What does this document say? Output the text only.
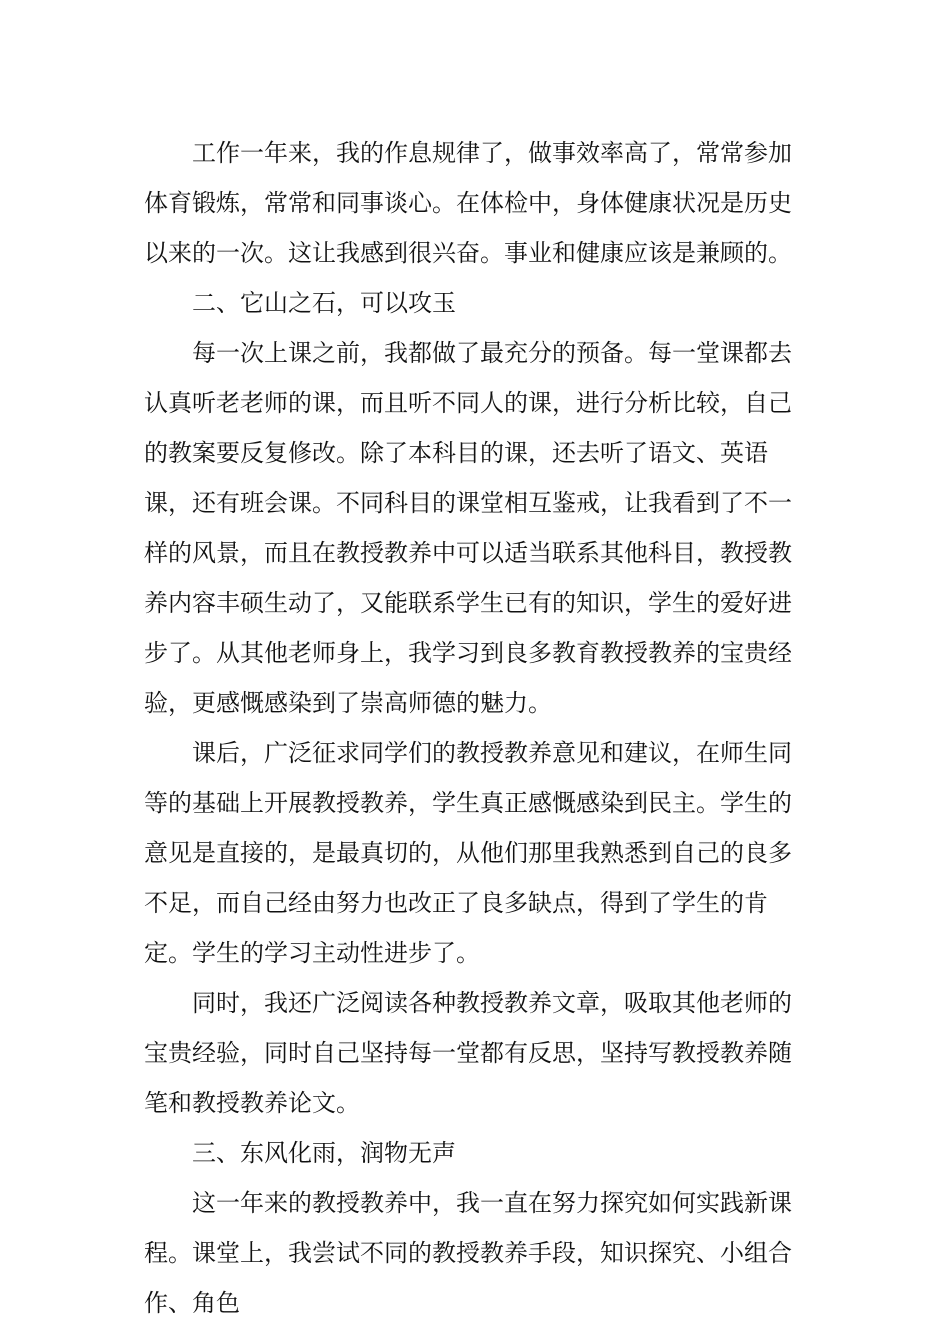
工作一年来，我的作息规律了，做事效率高了，常常参加体育锻炼，常常和同事谈心。在体检中，身体健康状况是历史以来的一次。这让我感到很兴奋。事业和健康应该是兼顾的。

二、它山之石，可以攻玉

每一次上课之前，我都做了最充分的预备。每一堂课都去认真听老老师的课，而且听不同人的课，进行分析比较，自己的教案要反复修改。除了本科目的课，还去听了语文、英语课，还有班会课。不同科目的课堂相互鉴戒，让我看到了不一样的风景，而且在教授教养中可以适当联系其他科目，教授教养内容丰硕生动了，又能联系学生已有的知识，学生的爱好进步了。从其他老师身上，我学习到良多教育教授教养的宝贵经验，更感慨感染到了崇高师德的魅力。

课后，广泛征求同学们的教授教养意见和建议，在师生同等的基础上开展教授教养，学生真正感慨感染到民主。学生的意见是直接的，是最真切的，从他们那里我熟悉到自己的良多不足，而自己经由努力也改正了良多缺点，得到了学生的肯定。学生的学习主动性进步了。

同时，我还广泛阅读各种教授教养文章，吸取其他老师的宝贵经验，同时自己坚持每一堂都有反思，坚持写教授教养随笔和教授教养论文。

三、东风化雨，润物无声

这一年来的教授教养中，我一直在努力探究如何实践新课程。课堂上，我尝试不同的教授教养手段，知识探究、小组合作、角色
